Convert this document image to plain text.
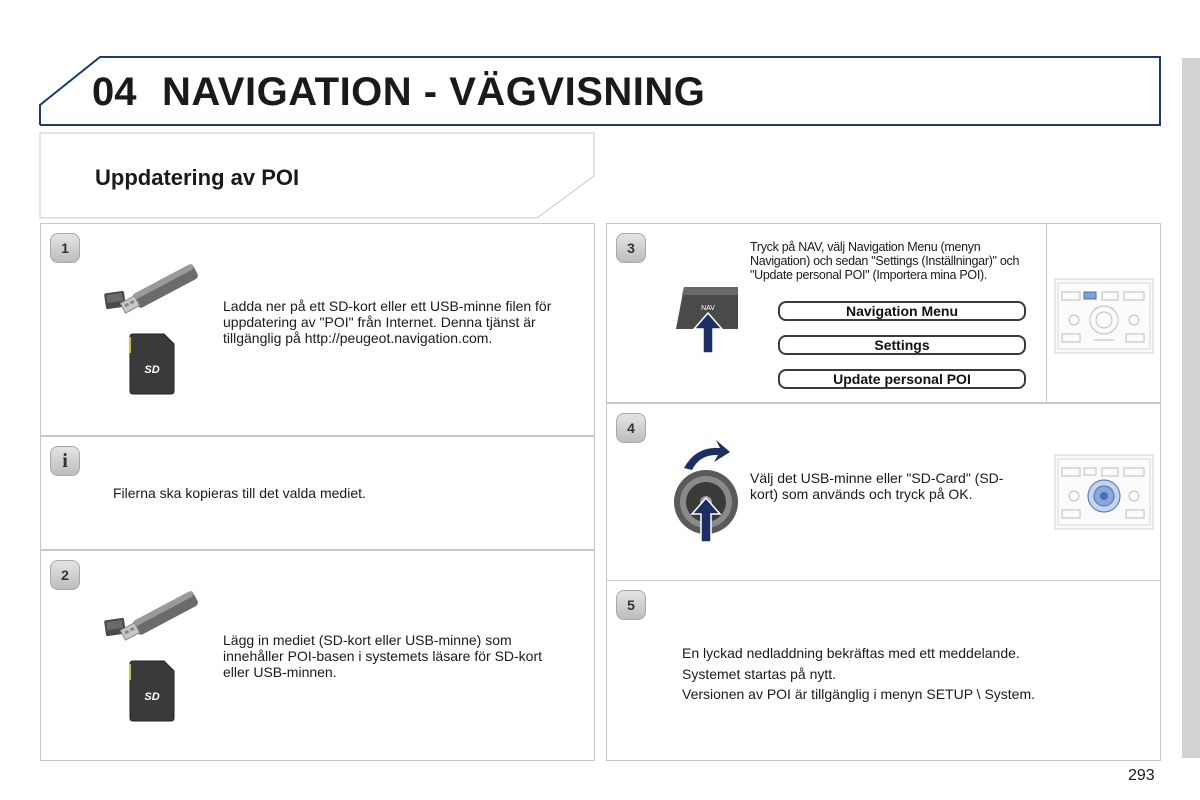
04 NAVIGATION - VÄGVISNING
Uppdatering av POI
1
SD
Ladda ner på ett SD-kort eller ett USB-minne filen för uppdatering av "POI" från Internet. Denna tjänst är tillgänglig på http://peugeot.navigation.com.
i
Filerna ska kopieras till det valda mediet.
2
SD
Lägg in mediet (SD-kort eller USB-minne) som innehåller POI-basen i systemets läsare för SD-kort eller USB-minnen.
3
NAV
Tryck på NAV, välj Navigation Menu (menyn Navigation) och sedan "Settings (Inställningar)" och "Update personal POI" (Importera mina POI).
Navigation Menu
Settings
Update personal POI
4
Välj det USB-minne eller "SD-Card" (SD-kort) som används och tryck på OK.
5
En lyckad nedladdning bekräftas med ett meddelande.
Systemet startas på nytt.
Versionen av POI är tillgänglig i menyn SETUP \ System.
293
